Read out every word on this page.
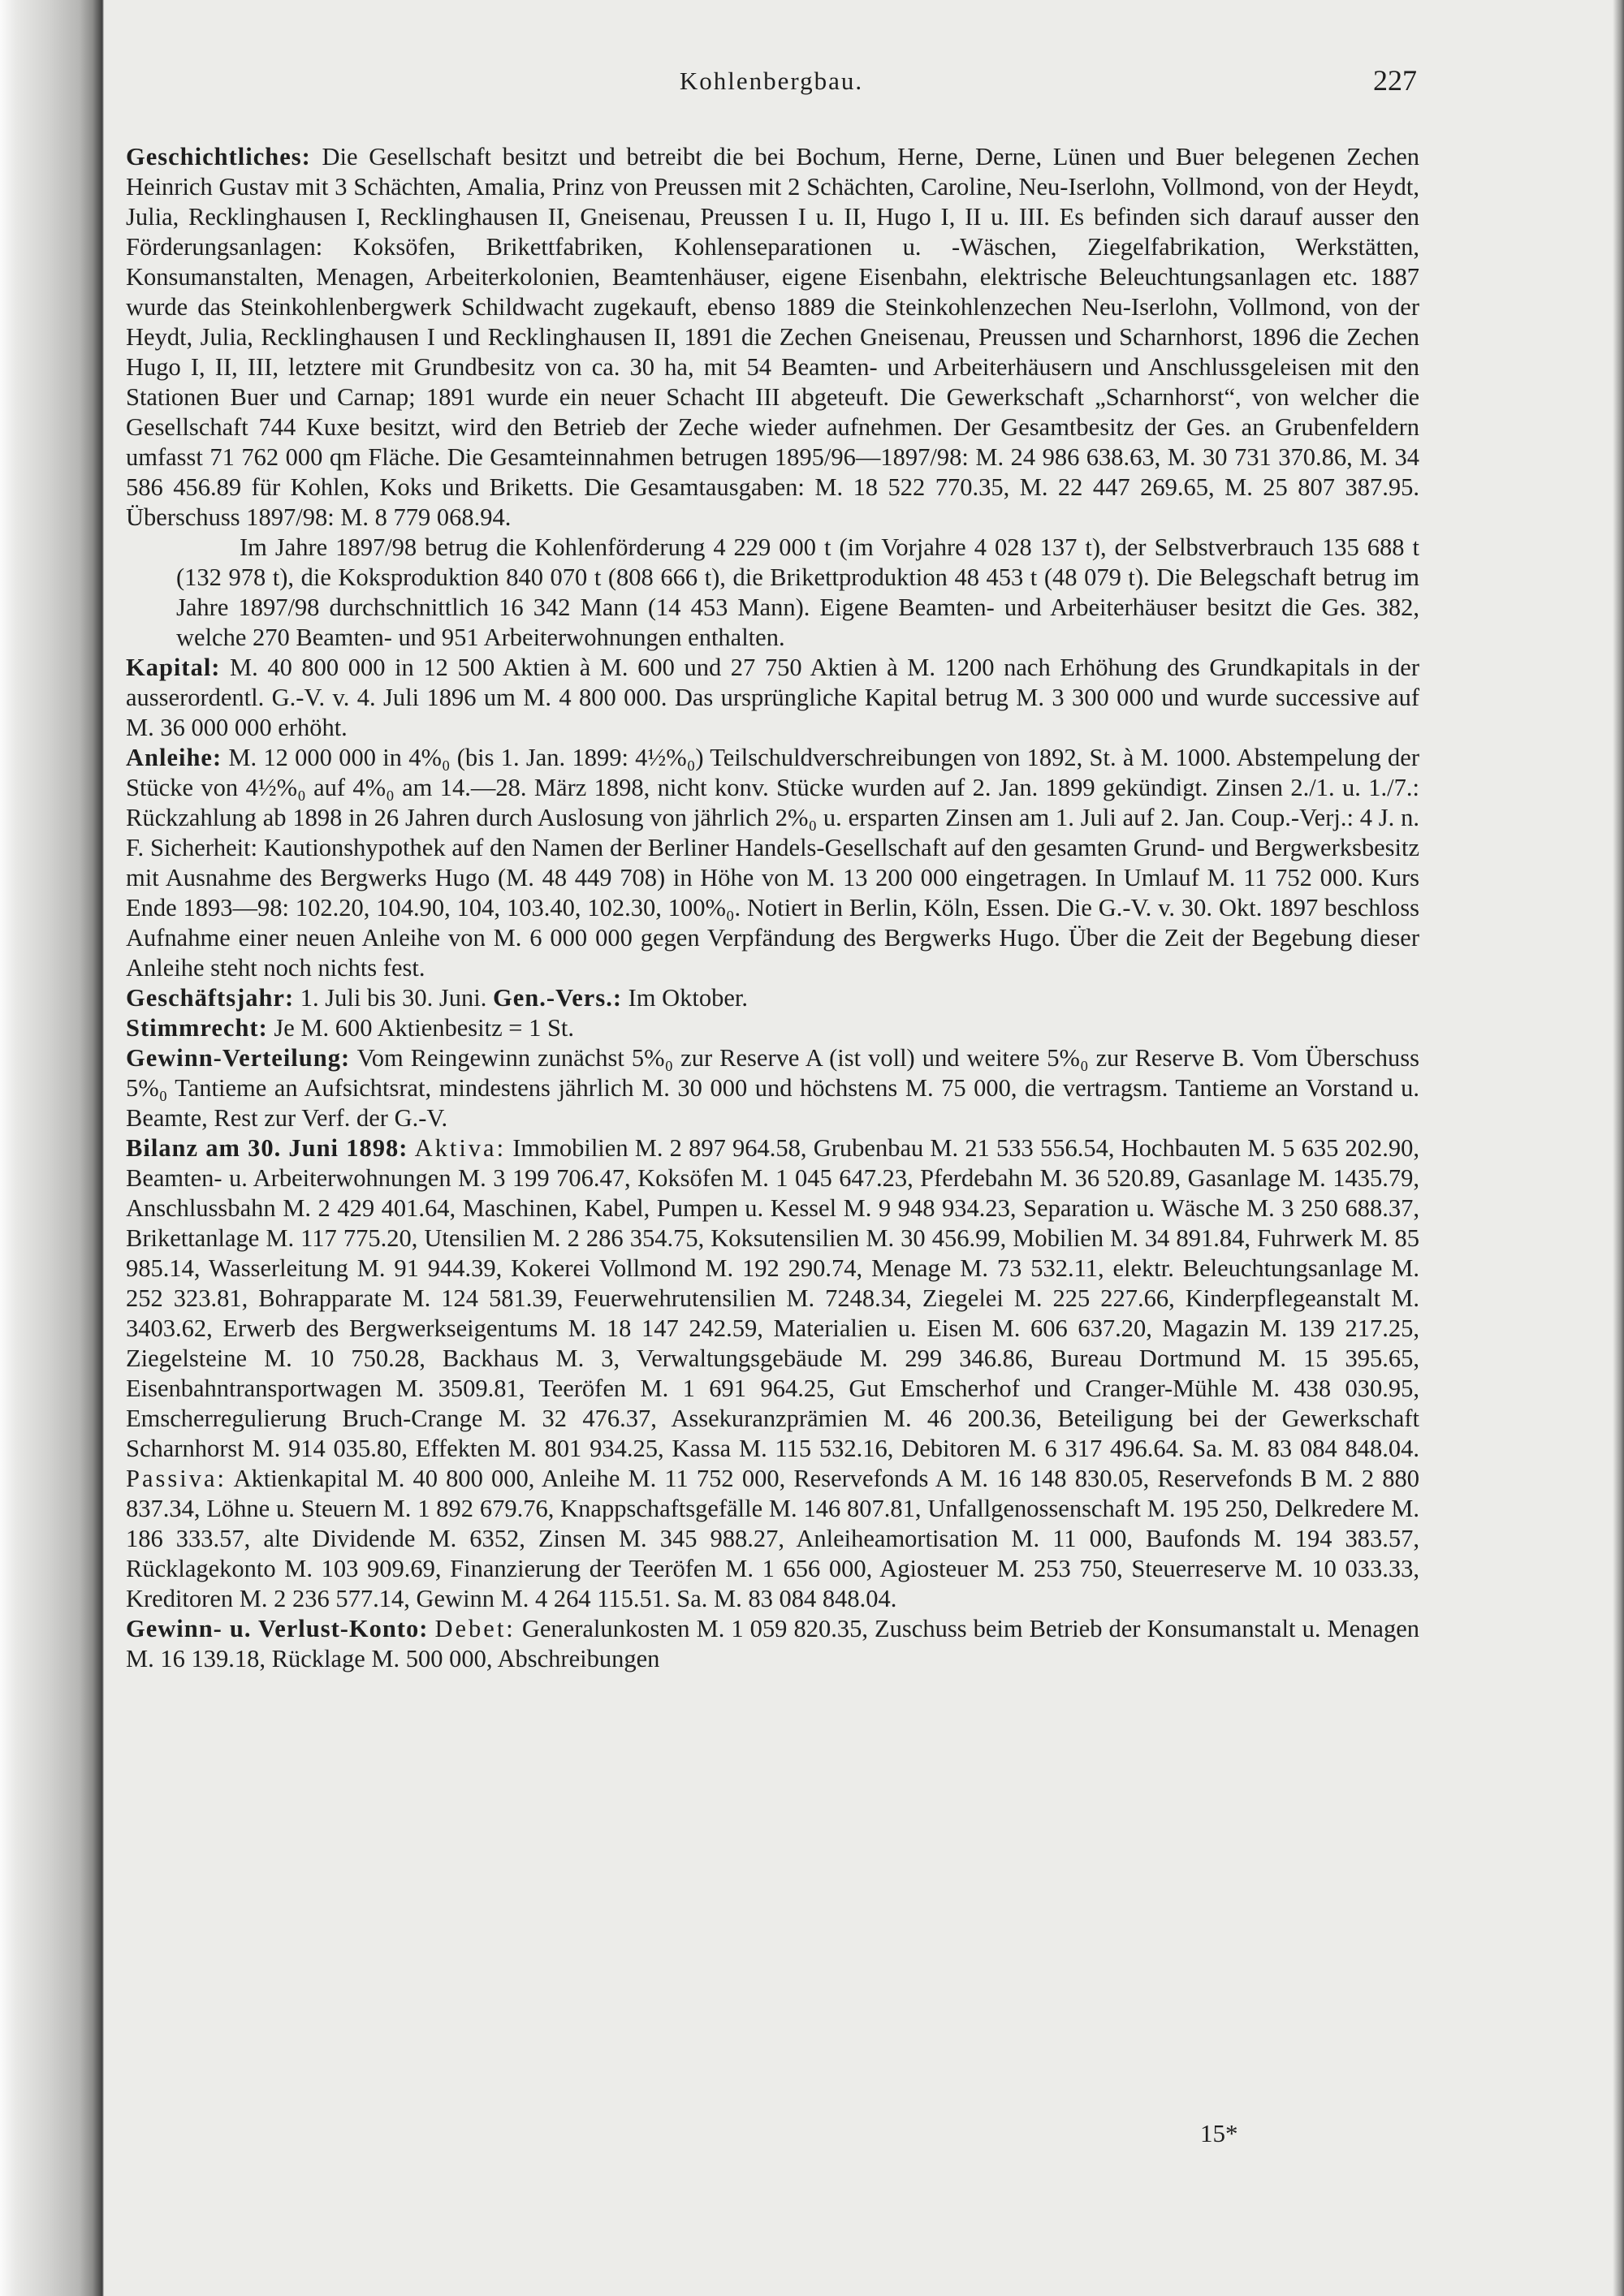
Kohlenbergbau.	227

Geschichtliches: Die Gesellschaft besitzt und betreibt die bei Bochum, Herne, Derne, Lünen und Buer belegenen Zechen Heinrich Gustav mit 3 Schächten, Amalia, Prinz von Preussen mit 2 Schächten, Caroline, Neu-Iserlohn, Vollmond, von der Heydt, Julia, Recklinghausen I, Recklinghausen II, Gneisenau, Preussen I u. II, Hugo I, II u. III. Es befinden sich darauf ausser den Förderungsanlagen: Koksöfen, Brikettfabriken, Kohlenseparationen u. -Wäschen, Ziegelfabrikation, Werkstätten, Konsumanstalten, Menagen, Arbeiterkolonien, Beamtenhäuser, eigene Eisenbahn, elektrische Beleuchtungsanlagen etc. 1887 wurde das Steinkohlenbergwerk Schildwacht zugekauft, ebenso 1889 die Steinkohlenzechen Neu-Iserlohn, Vollmond, von der Heydt, Julia, Recklinghausen I und Recklinghausen II, 1891 die Zechen Gneisenau, Preussen und Scharnhorst, 1896 die Zechen Hugo I, II, III, letztere mit Grundbesitz von ca. 30 ha, mit 54 Beamten- und Arbeiterhäusern und Anschlussgeleisen mit den Stationen Buer und Carnap; 1891 wurde ein neuer Schacht III abgeteuft. Die Gewerkschaft „Scharnhorst“, von welcher die Gesellschaft 744 Kuxe besitzt, wird den Betrieb der Zeche wieder aufnehmen. Der Gesamtbesitz der Ges. an Grubenfeldern umfasst 71 762 000 qm Fläche. Die Gesamteinnahmen betrugen 1895/96—1897/98: M. 24 986 638.63, M. 30 731 370.86, M. 34 586 456.89 für Kohlen, Koks und Briketts. Die Gesamtausgaben: M. 18 522 770.35, M. 22 447 269.65, M. 25 807 387.95. Überschuss 1897/98: M. 8 779 068.94.
Im Jahre 1897/98 betrug die Kohlenförderung 4 229 000 t (im Vorjahre 4 028 137 t), der Selbstverbrauch 135 688 t (132 978 t), die Koksproduktion 840 070 t (808 666 t), die Brikettproduktion 48 453 t (48 079 t). Die Belegschaft betrug im Jahre 1897/98 durchschnittlich 16 342 Mann (14 453 Mann). Eigene Beamten- und Arbeiterhäuser besitzt die Ges. 382, welche 270 Beamten- und 951 Arbeiterwohnungen enthalten.

Kapital: M. 40 800 000 in 12 500 Aktien à M. 600 und 27 750 Aktien à M. 1200 nach Erhöhung des Grundkapitals in der ausserordentl. G.-V. v. 4. Juli 1896 um M. 4 800 000. Das ursprüngliche Kapital betrug M. 3 300 000 und wurde successive auf M. 36 000 000 erhöht.

Anleihe: M. 12 000 000 in 4%₀ (bis 1. Jan. 1899: 4½%₀) Teilschuldverschreibungen von 1892, St. à M. 1000. Abstempelung der Stücke von 4½%₀ auf 4%₀ am 14.—28. März 1898, nicht konv. Stücke wurden auf 2. Jan. 1899 gekündigt. Zinsen 2./1. u. 1./7.: Rückzahlung ab 1898 in 26 Jahren durch Auslosung von jährlich 2%₀ u. ersparten Zinsen am 1. Juli auf 2. Jan. Coup.-Verj.: 4 J. n. F. Sicherheit: Kautionshypothek auf den Namen der Berliner Handels-Gesellschaft auf den gesamten Grund- und Bergwerksbesitz mit Ausnahme des Bergwerks Hugo (M. 48 449 708) in Höhe von M. 13 200 000 eingetragen. In Umlauf M. 11 752 000. Kurs Ende 1893—98: 102.20, 104.90, 104, 103.40, 102.30, 100%₀. Notiert in Berlin, Köln, Essen. Die G.-V. v. 30. Okt. 1897 beschloss Aufnahme einer neuen Anleihe von M. 6 000 000 gegen Verpfändung des Bergwerks Hugo. Über die Zeit der Begebung dieser Anleihe steht noch nichts fest.

Geschäftsjahr: 1. Juli bis 30. Juni. Gen.-Vers.: Im Oktober.

Stimmrecht: Je M. 600 Aktienbesitz = 1 St.

Gewinn-Verteilung: Vom Reingewinn zunächst 5%₀ zur Reserve A (ist voll) und weitere 5%₀ zur Reserve B. Vom Überschuss 5%₀ Tantieme an Aufsichtsrat, mindestens jährlich M. 30 000 und höchstens M. 75 000, die vertragsm. Tantieme an Vorstand u. Beamte, Rest zur Verf. der G.-V.

Bilanz am 30. Juni 1898: Aktiva: Immobilien M. 2 897 964.58, Grubenbau M. 21 533 556.54, Hochbauten M. 5 635 202.90, Beamten- u. Arbeiterwohnungen M. 3 199 706.47, Koksöfen M. 1 045 647.23, Pferdebahn M. 36 520.89, Gasanlage M. 1435.79, Anschlussbahn M. 2 429 401.64, Maschinen, Kabel, Pumpen u. Kessel M. 9 948 934.23, Separation u. Wäsche M. 3 250 688.37, Brikettanlage M. 117 775.20, Utensilien M. 2 286 354.75, Koksutensilien M. 30 456.99, Mobilien M. 34 891.84, Fuhrwerk M. 85 985.14, Wasserleitung M. 91 944.39, Kokerei Vollmond M. 192 290.74, Menage M. 73 532.11, elektr. Beleuchtungsanlage M. 252 323.81, Bohrapparate M. 124 581.39, Feuerwehrutensilien M. 7248.34, Ziegelei M. 225 227.66, Kinderpflegeanstalt M. 3403.62, Erwerb des Bergwerkseigentums M. 18 147 242.59, Materialien u. Eisen M. 606 637.20, Magazin M. 139 217.25, Ziegelsteine M. 10 750.28, Backhaus M. 3, Verwaltungsgebäude M. 299 346.86, Bureau Dortmund M. 15 395.65, Eisenbahntransportwagen M. 3509.81, Teeröfen M. 1 691 964.25, Gut Emscherhof und Cranger-Mühle M. 438 030.95, Emscherregulierung Bruch-Crange M. 32 476.37, Assekuranzprämien M. 46 200.36, Beteiligung bei der Gewerkschaft Scharnhorst M. 914 035.80, Effekten M. 801 934.25, Kassa M. 115 532.16, Debitoren M. 6 317 496.64. Sa. M. 83 084 848.04. Passiva: Aktienkapital M. 40 800 000, Anleihe M. 11 752 000, Reservefonds A M. 16 148 830.05, Reservefonds B M. 2 880 837.34, Löhne u. Steuern M. 1 892 679.76, Knappschaftsgefälle M. 146 807.81, Unfallgenossenschaft M. 195 250, Delkredere M. 186 333.57, alte Dividende M. 6352, Zinsen M. 345 988.27, Anleiheamortisation M. 11 000, Baufonds M. 194 383.57, Rücklagekonto M. 103 909.69, Finanzierung der Teeröfen M. 1 656 000, Agiosteuer M. 253 750, Steuerreserve M. 10 033.33, Kreditoren M. 2 236 577.14, Gewinn M. 4 264 115.51. Sa. M. 83 084 848.04.

Gewinn- u. Verlust-Konto: Debet: Generalunkosten M. 1 059 820.35, Zuschuss beim Betrieb der Konsumanstalt u. Menagen M. 16 139.18, Rücklage M. 500 000, Abschreibungen

15*
